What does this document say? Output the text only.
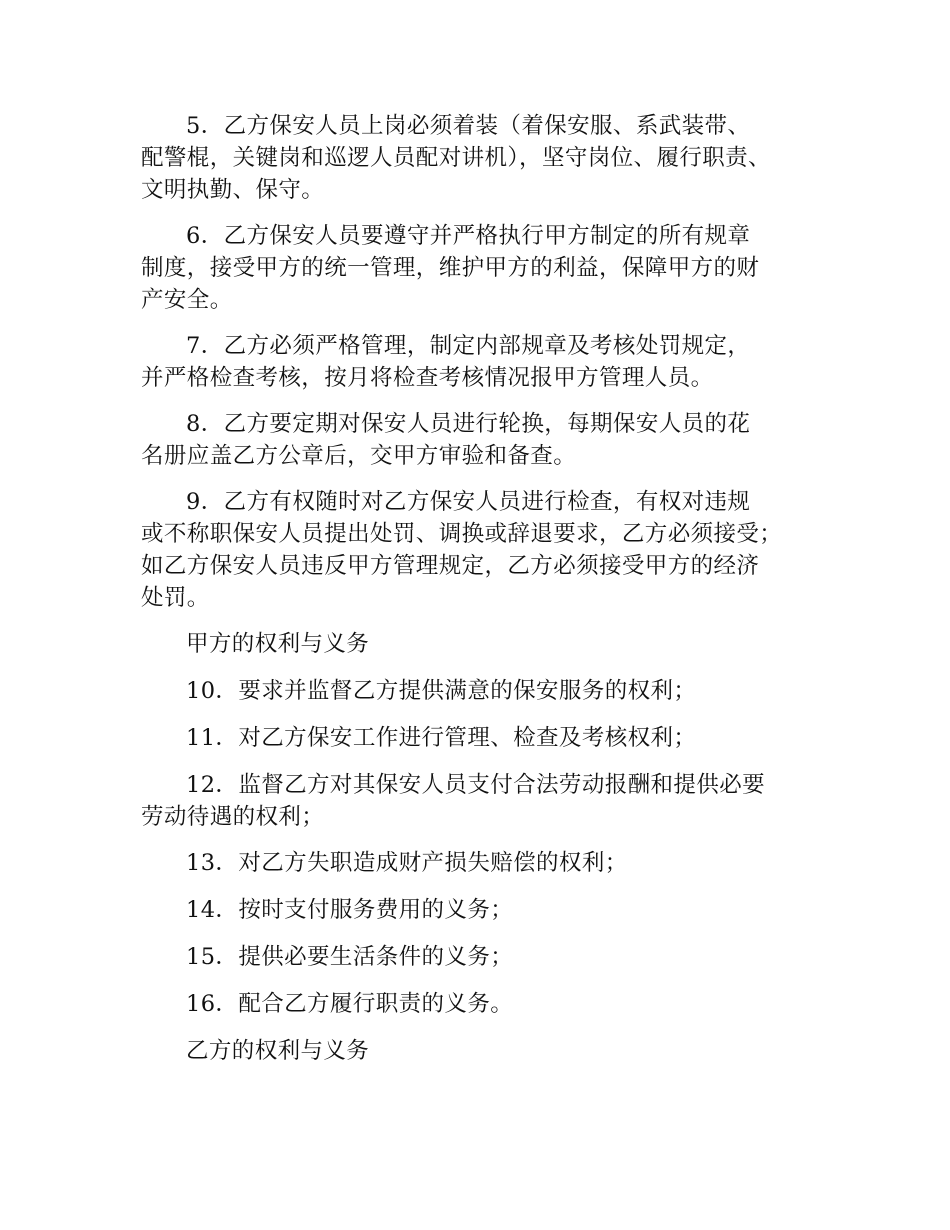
5．乙方保安人员上岗必须着装（着保安服、系武装带、
配警棍，关键岗和巡逻人员配对讲机），坚守岗位、履行职责、
文明执勤、保守。

6．乙方保安人员要遵守并严格执行甲方制定的所有规章
制度，接受甲方的统一管理，维护甲方的利益，保障甲方的财
产安全。

7．乙方必须严格管理，制定内部规章及考核处罚规定，
并严格检查考核，按月将检查考核情况报甲方管理人员。

8．乙方要定期对保安人员进行轮换，每期保安人员的花
名册应盖乙方公章后，交甲方审验和备查。

9．乙方有权随时对乙方保安人员进行检查，有权对违规
或不称职保安人员提出处罚、调换或辞退要求，乙方必须接受；
如乙方保安人员违反甲方管理规定，乙方必须接受甲方的经济
处罚。

甲方的权利与义务

10．要求并监督乙方提供满意的保安服务的权利；

11．对乙方保安工作进行管理、检查及考核权利；

12．监督乙方对其保安人员支付合法劳动报酬和提供必要
劳动待遇的权利；

13．对乙方失职造成财产损失赔偿的权利；

14．按时支付服务费用的义务；

15．提供必要生活条件的义务；

16．配合乙方履行职责的义务。

乙方的权利与义务
